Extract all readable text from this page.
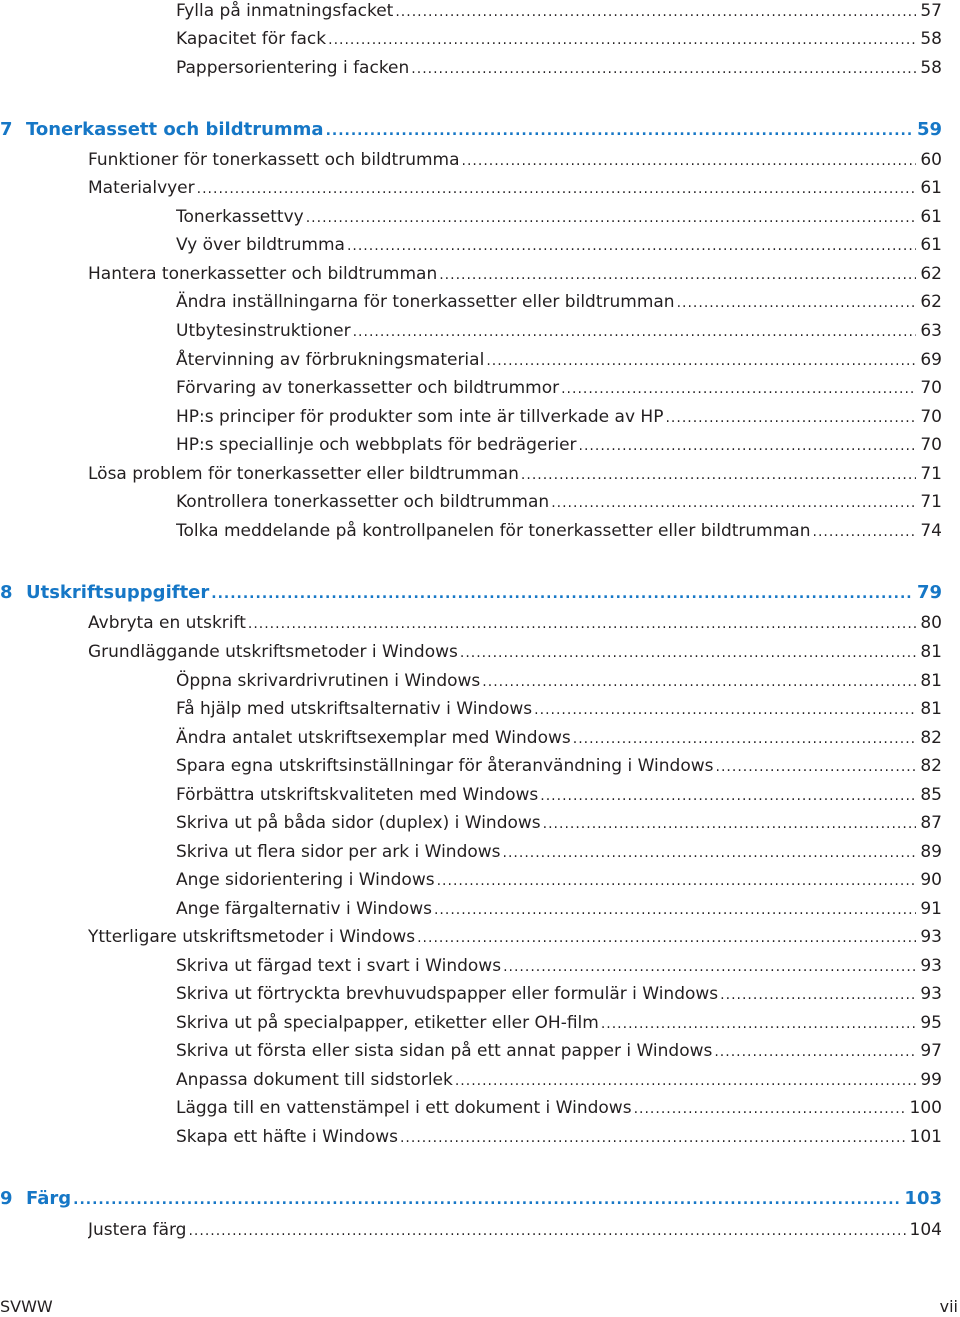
Fylla på inmatningsfacket .....	57
Kapacitet för fack .....	58
Pappersorientering i facken .....	58
7 Tonerkassett och bildtrumma .....	59
Funktioner för tonerkassett och bildtrumma .....	60
Materialvyer .....	61
Tonerkassettvy .....	61
Vy över bildtrumma .....	61
Hantera tonerkassetter och bildtrumman .....	62
Ändra inställningarna för tonerkassetter eller bildtrumman .....	62
Utbytesinstruktioner .....	63
Återvinning av förbrukningsmaterial .....	69
Förvaring av tonerkassetter och bildtrummor .....	70
HP:s principer för produkter som inte är tillverkade av HP .....	70
HP:s speciallinje och webbplats för bedrägerier .....	70
Lösa problem för tonerkassetter eller bildtrumman .....	71
Kontrollera tonerkassetter och bildtrumman .....	71
Tolka meddelande på kontrollpanelen för tonerkassetter eller bildtrumman .....	74
8 Utskriftsuppgifter .....	79
Avbryta en utskrift .....	80
Grundläggande utskriftsmetoder i Windows .....	81
Öppna skrivardrivrutinen i Windows .....	81
Få hjälp med utskriftsalternativ i Windows .....	81
Ändra antalet utskriftsexemplar med Windows .....	82
Spara egna utskriftsinställningar för återanvändning i Windows .....	82
Förbättra utskriftskvaliteten med Windows .....	85
Skriva ut på båda sidor (duplex) i Windows .....	87
Skriva ut flera sidor per ark i Windows .....	89
Ange sidorientering i Windows .....	90
Ange färgalternativ i Windows .....	91
Ytterligare utskriftsmetoder i Windows .....	93
Skriva ut färgad text i svart i Windows .....	93
Skriva ut förtryckta brevhuvudspapper eller formulär i Windows .....	93
Skriva ut på specialpapper, etiketter eller OH-film .....	95
Skriva ut första eller sista sidan på ett annat papper i Windows .....	97
Anpassa dokument till sidstorlek .....	99
Lägga till en vattenstämpel i ett dokument i Windows .....	100
Skapa ett häfte i Windows .....	101
9 Färg .....	103
Justera färg .....	104
SVWW	vii
